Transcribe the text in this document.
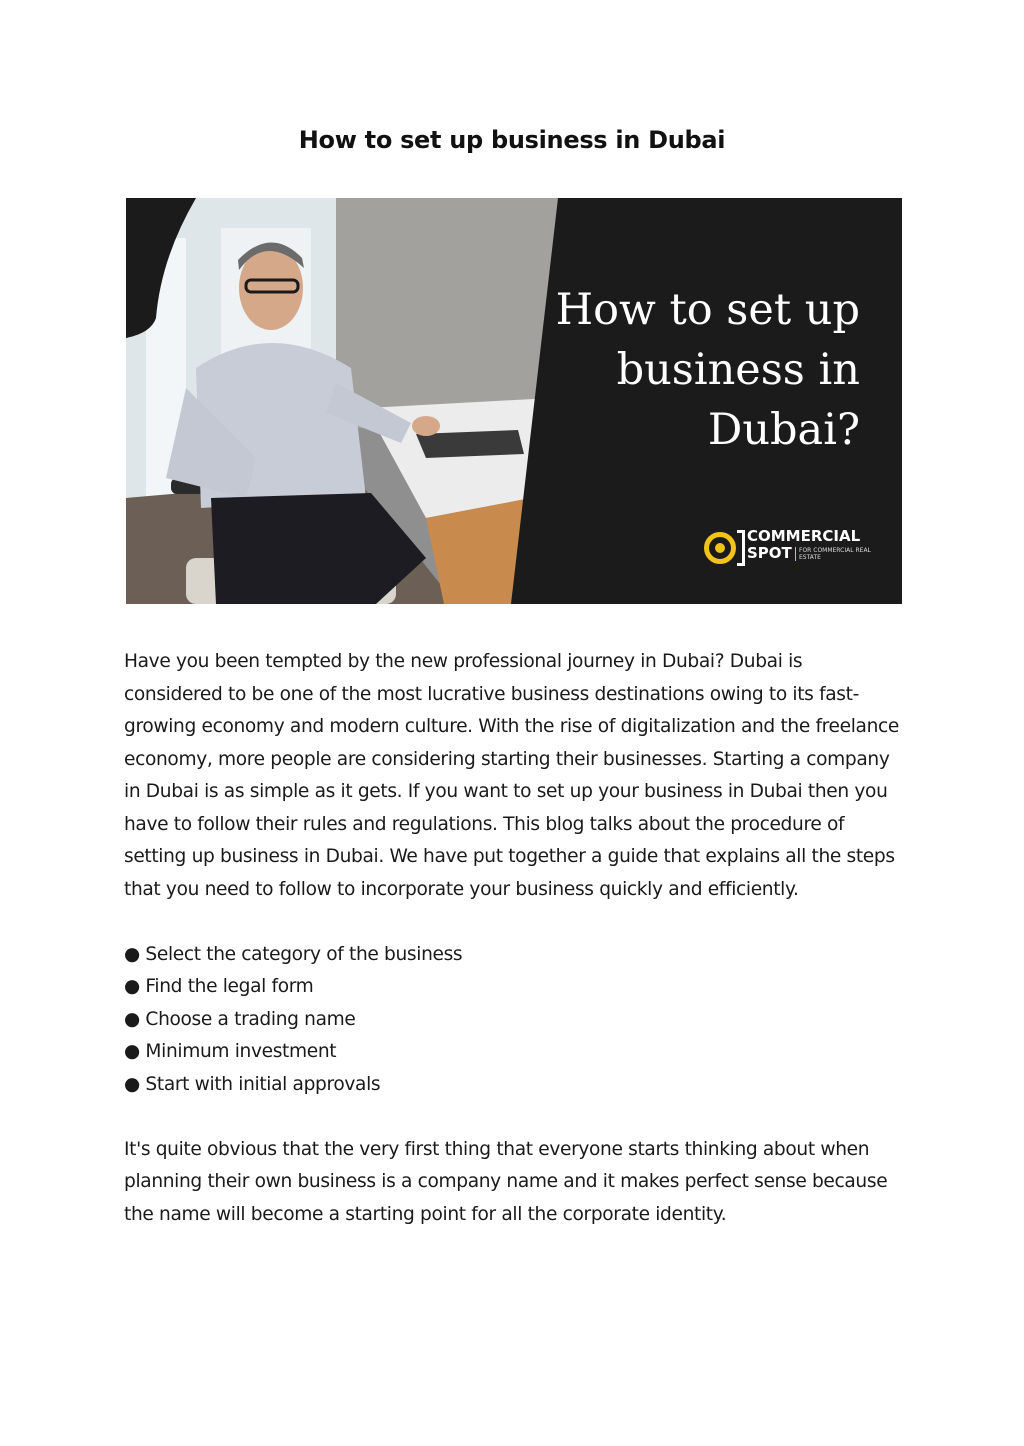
How to set up business in Dubai
How to set up
business in
Dubai?
COMMERCIAL
SPOT	FOR COMMERCIAL REAL ESTATE

Have you been tempted by the new professional journey in Dubai? Dubai is considered to be one of the most lucrative business destinations owing to its fast-growing economy and modern culture. With the rise of digitalization and the freelance economy, more people are considering starting their businesses. Starting a company in Dubai is as simple as it gets. If you want to set up your business in Dubai then you have to follow their rules and regulations. This blog talks about the procedure of setting up business in Dubai. We have put together a guide that explains all the steps that you need to follow to incorporate your business quickly and efficiently.

● Select the category of the business
● Find the legal form
● Choose a trading name
● Minimum investment
● Start with initial approvals

It's quite obvious that the very first thing that everyone starts thinking about when planning their own business is a company name and it makes perfect sense because the name will become a starting point for all the corporate identity.
